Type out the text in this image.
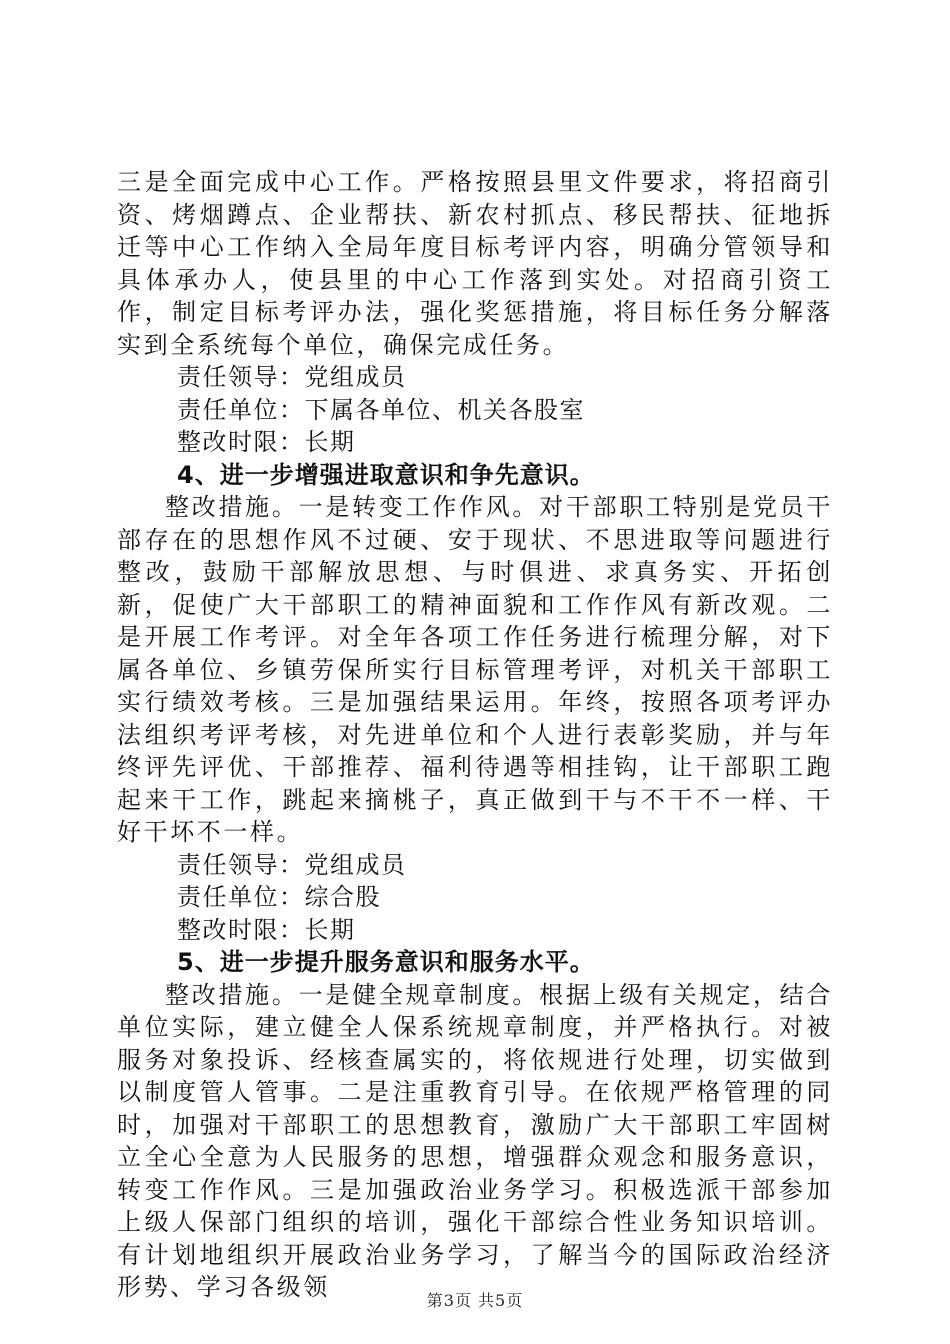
三是全面完成中心工作。严格按照县里文件要求，将招商引资、烤烟蹲点、企业帮扶、新农村抓点、移民帮扶、征地拆迁等中心工作纳入全局年度目标考评内容，明确分管领导和具体承办人，使县里的中心工作落到实处。对招商引资工作，制定目标考评办法，强化奖惩措施，将目标任务分解落实到全系统每个单位，确保完成任务。

责任领导：党组成员

责任单位：下属各单位、机关各股室

整改时限：长期

4、进一步增强进取意识和争先意识。

整改措施。一是转变工作作风。对干部职工特别是党员干部存在的思想作风不过硬、安于现状、不思进取等问题进行整改，鼓励干部解放思想、与时俱进、求真务实、开拓创新，促使广大干部职工的精神面貌和工作作风有新改观。二是开展工作考评。对全年各项工作任务进行梳理分解，对下属各单位、乡镇劳保所实行目标管理考评，对机关干部职工实行绩效考核。三是加强结果运用。年终，按照各项考评办法组织考评考核，对先进单位和个人进行表彰奖励，并与年终评先评优、干部推荐、福利待遇等相挂钩，让干部职工跑起来干工作，跳起来摘桃子，真正做到干与不干不一样、干好干坏不一样。

责任领导：党组成员

责任单位：综合股

整改时限：长期

5、进一步提升服务意识和服务水平。

整改措施。一是健全规章制度。根据上级有关规定，结合单位实际，建立健全人保系统规章制度，并严格执行。对被服务对象投诉、经核查属实的，将依规进行处理，切实做到以制度管人管事。二是注重教育引导。在依规严格管理的同时，加强对干部职工的思想教育，激励广大干部职工牢固树立全心全意为人民服务的思想，增强群众观念和服务意识，转变工作作风。三是加强政治业务学习。积极选派干部参加上级人保部门组织的培训，强化干部综合性业务知识培训。有计划地组织开展政治业务学习，了解当今的国际政治经济形势、学习各级领	第3页 共5页
